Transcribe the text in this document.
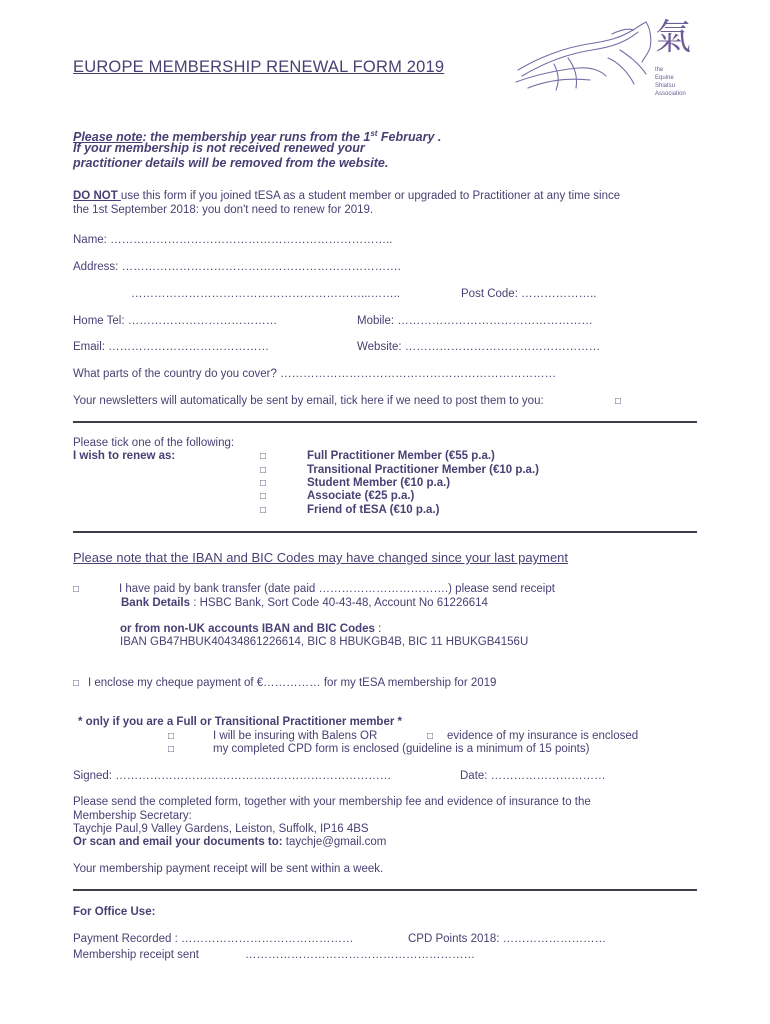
EUROPE MEMBERSHIP RENEWAL FORM 2019
氣
the
Equine
Shiatsu
Association
Please note: the membership year runs from the 1st February .
If your membership is not received renewed your
practitioner details will be removed from the website.
DO NOT use this form if you joined tESA as a student member or upgraded to Practitioner at any time since
the 1st September 2018: you don't need to renew for 2019.
Name: ………………………………………………………………..
Address: ……………………………………………………………….
……………………………………………………...……..	Post Code: ………………..
Home Tel: …………………………………	Mobile: ……………………………………………
Email: ……………………………………	Website: ……………………………………………
What parts of the country do you cover? ………………………………………………………………
Your newsletters will automatically be sent by email, tick here if we need to post them to you:	□
Please tick one of the following:
I wish to renew as:	□	Full Practitioner Member (€55 p.a.)
□	Transitional Practitioner Member (€10 p.a.)
□	Student Member (€10 p.a.)
□	Associate (€25 p.a.)
□	Friend of tESA (€10 p.a.)
Please note that the IBAN and BIC Codes may have changed since your last payment
□	I have paid by bank transfer (date paid …………………………….) please send receipt
Bank Details : HSBC Bank, Sort Code 40-43-48, Account No 61226614
or from non-UK accounts IBAN and BIC Codes :
IBAN GB47HBUK40434861226614, BIC 8 HBUKGB4B, BIC 11 HBUKGB4156U
□ I enclose my cheque payment of €…………… for my tESA membership for 2019
* only if you are a Full or Transitional Practitioner member *
□	I will be insuring with Balens OR	□ evidence of my insurance is enclosed
□	my completed CPD form is enclosed (guideline is a minimum of 15 points)
Signed: ………………………………………………………………	Date: …………………………
Please send the completed form, together with your membership fee and evidence of insurance to the
Membership Secretary:
Taychje Paul,9 Valley Gardens, Leiston, Suffolk, IP16 4BS
Or scan and email your documents to: taychje@gmail.com
Your membership payment receipt will be sent within a week.
For Office Use:
Payment Recorded : ………………………………………	CPD Points 2018: ………………………
Membership receipt sent	……………………………………………………
